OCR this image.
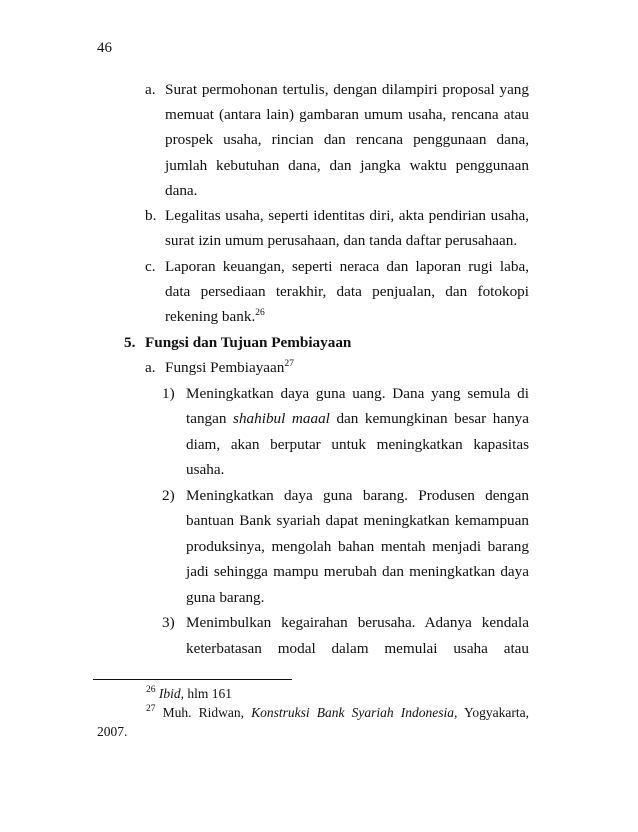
46
a. Surat permohonan tertulis, dengan dilampiri proposal yang
memuat (antara lain) gambaran umum usaha, rencana atau
prospek usaha, rincian dan rencana penggunaan dana,
jumlah kebutuhan dana, dan jangka waktu penggunaan
dana.
b. Legalitas usaha, seperti identitas diri, akta pendirian usaha,
surat izin umum perusahaan, dan tanda daftar perusahaan.
c. Laporan keuangan, seperti neraca dan laporan rugi laba,
data persediaan terakhir, data penjualan, dan fotokopi
rekening bank.$^{26}$
5. Fungsi dan Tujuan Pembiayaan
a. Fungsi Pembiayaan$^{27}$
1) Meningkatkan daya guna uang. Dana yang semula di
tangan shahibul maaal dan kemungkinan besar hanya
diam, akan berputar untuk meningkatkan kapasitas
usaha.
2) Meningkatkan daya guna barang. Produsen dengan
bantuan Bank syariah dapat meningkatkan kemampuan
produksinya, mengolah bahan mentah menjadi barang
jadi sehingga mampu merubah dan meningkatkan daya
guna barang.
3) Menimbulkan kegairahan berusaha. Adanya kendala
keterbatasan modal dalam memulai usaha atau
$^{26}$ Ibid, hlm 161
$^{27}$ Muh. Ridwan, Konstruksi Bank Syariah Indonesia, Yogyakarta,
2007.
